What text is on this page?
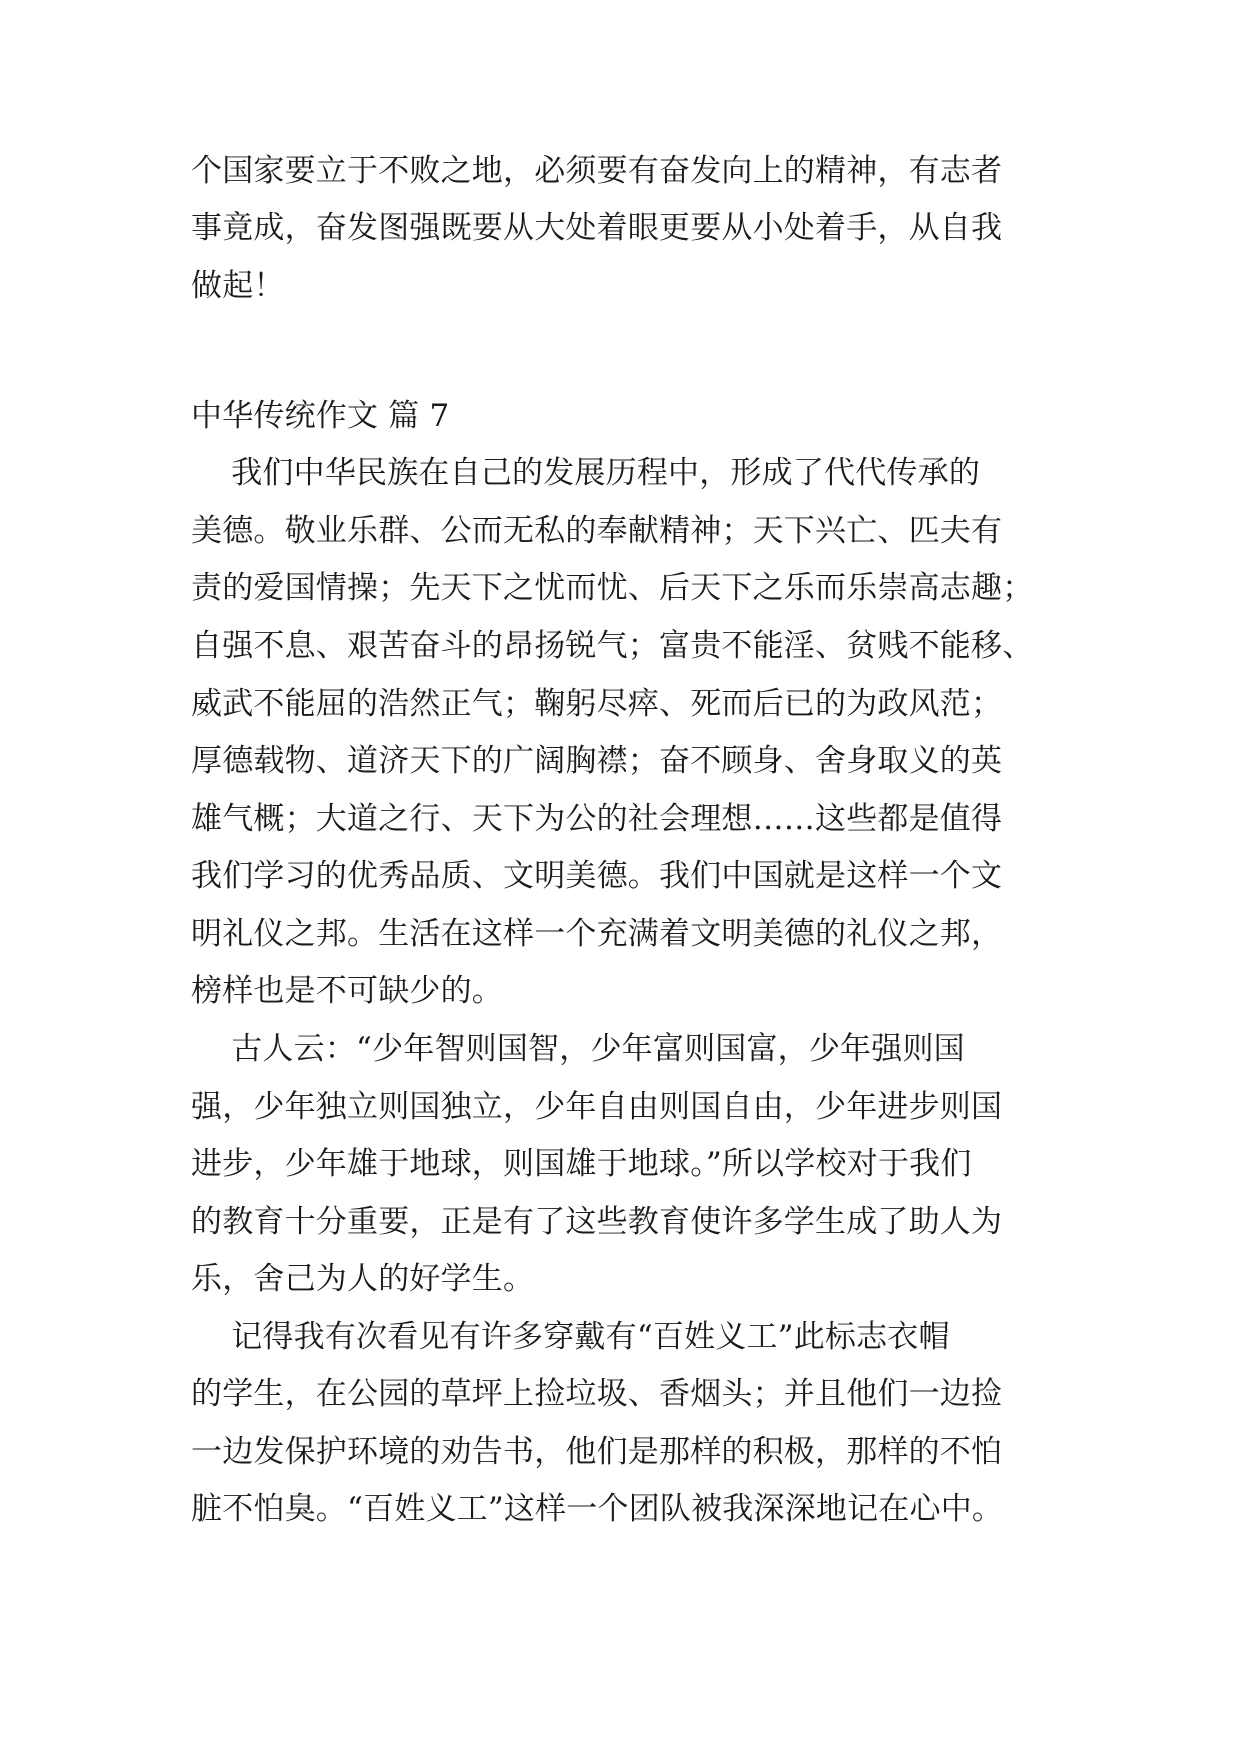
个国家要立于不败之地，必须要有奋发向上的精神，有志者
事竟成，奋发图强既要从大处着眼更要从小处着手，从自我
做起！
中华传统作文 篇 7
我们中华民族在自己的发展历程中，形成了代代传承的
美德。敬业乐群、公而无私的奉献精神；天下兴亡、匹夫有
责的爱国情操；先天下之忧而忧、后天下之乐而乐崇高志趣；
自强不息、艰苦奋斗的昂扬锐气；富贵不能淫、贫贱不能移、
威武不能屈的浩然正气；鞠躬尽瘁、死而后已的为政风范；
厚德载物、道济天下的广阔胸襟；奋不顾身、舍身取义的英
雄气概；大道之行、天下为公的社会理想……这些都是值得
我们学习的优秀品质、文明美德。我们中国就是这样一个文
明礼仪之邦。生活在这样一个充满着文明美德的礼仪之邦，
榜样也是不可缺少的。
古人云：“少年智则国智，少年富则国富，少年强则国
强，少年独立则国独立，少年自由则国自由，少年进步则国
进步，少年雄于地球，则国雄于地球。”所以学校对于我们
的教育十分重要，正是有了这些教育使许多学生成了助人为
乐，舍己为人的好学生。
记得我有次看见有许多穿戴有“百姓义工”此标志衣帽
的学生，在公园的草坪上捡垃圾、香烟头；并且他们一边捡
一边发保护环境的劝告书，他们是那样的积极，那样的不怕
脏不怕臭。“百姓义工”这样一个团队被我深深地记在心中。
